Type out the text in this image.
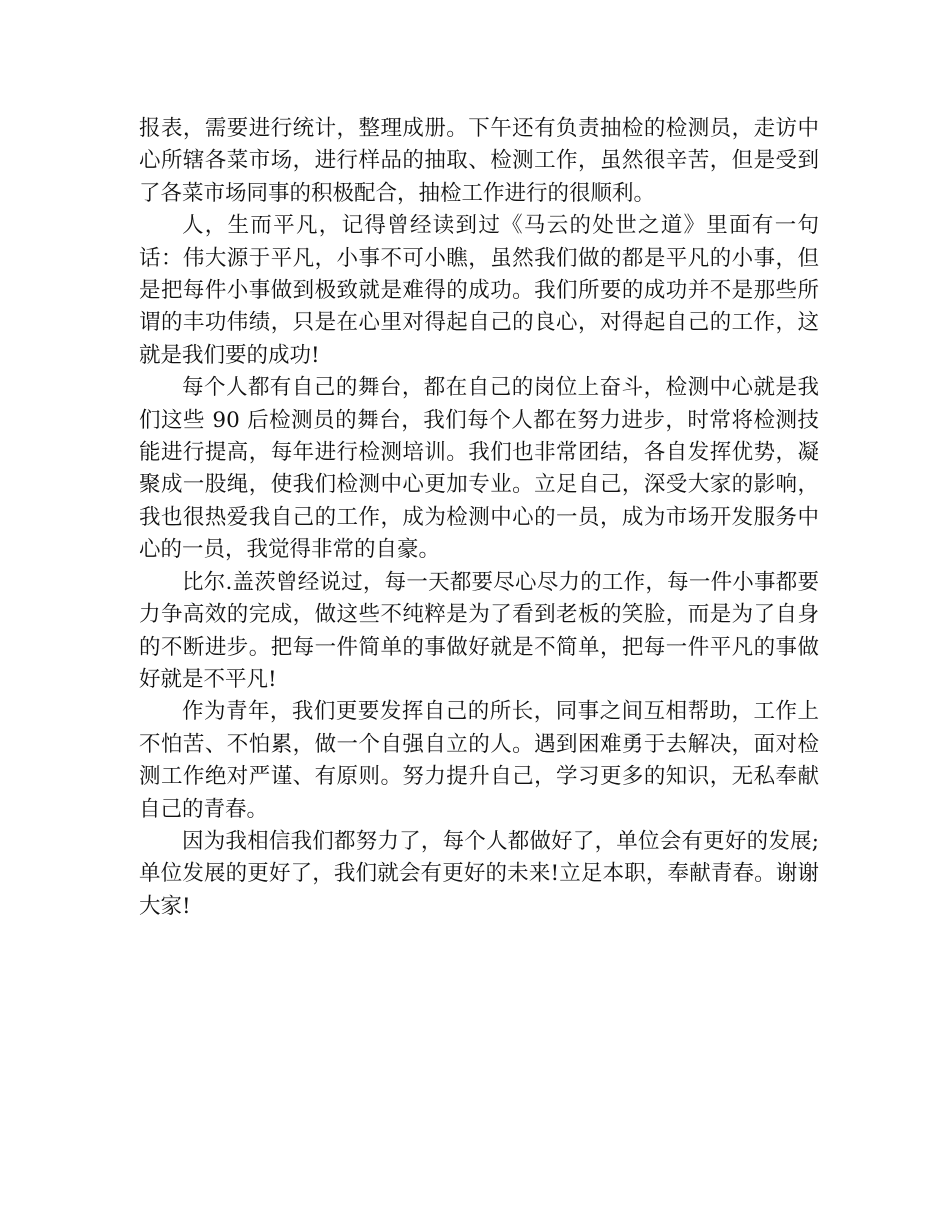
报表，需要进行统计，整理成册。下午还有负责抽检的检测员，走访中心所辖各菜市场，进行样品的抽取、检测工作，虽然很辛苦，但是受到了各菜市场同事的积极配合，抽检工作进行的很顺利。

人，生而平凡，记得曾经读到过《马云的处世之道》里面有一句话：伟大源于平凡，小事不可小瞧，虽然我们做的都是平凡的小事，但是把每件小事做到极致就是难得的成功。我们所要的成功并不是那些所谓的丰功伟绩，只是在心里对得起自己的良心，对得起自己的工作，这就是我们要的成功!

每个人都有自己的舞台，都在自己的岗位上奋斗，检测中心就是我们这些 90 后检测员的舞台，我们每个人都在努力进步，时常将检测技能进行提高，每年进行检测培训。我们也非常团结，各自发挥优势，凝聚成一股绳，使我们检测中心更加专业。立足自己，深受大家的影响，我也很热爱我自己的工作，成为检测中心的一员，成为市场开发服务中心的一员，我觉得非常的自豪。

比尔.盖茨曾经说过，每一天都要尽心尽力的工作，每一件小事都要力争高效的完成，做这些不纯粹是为了看到老板的笑脸，而是为了自身的不断进步。把每一件简单的事做好就是不简单，把每一件平凡的事做好就是不平凡!

作为青年，我们更要发挥自己的所长，同事之间互相帮助，工作上不怕苦、不怕累，做一个自强自立的人。遇到困难勇于去解决，面对检测工作绝对严谨、有原则。努力提升自己，学习更多的知识，无私奉献自己的青春。

因为我相信我们都努力了，每个人都做好了，单位会有更好的发展;单位发展的更好了，我们就会有更好的未来!立足本职，奉献青春。谢谢大家!
